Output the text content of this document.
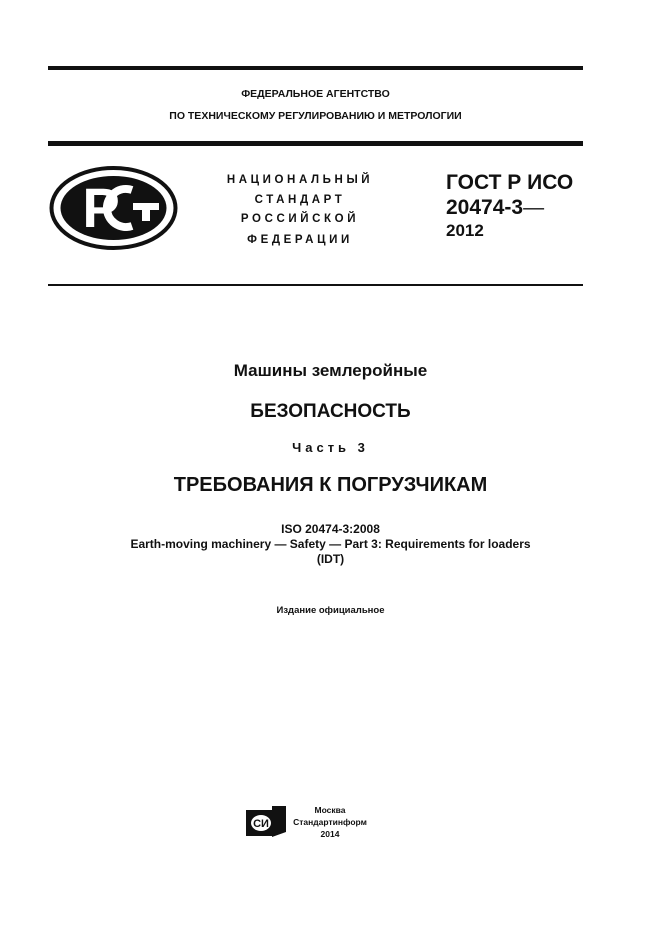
ФЕДЕРАЛЬНОЕ АГЕНТСТВО
ПО ТЕХНИЧЕСКОМУ РЕГУЛИРОВАНИЮ И МЕТРОЛОГИИ
Р	НАЦИОНАЛЬНЫЙ
СТАНДАРТ
РОССИЙСКОЙ
ФЕДЕРАЦИИ
ГОСТ Р ИСО
20474-3—
2012
Машины землеройные
БЕЗОПАСНОСТЬ
Часть 3
ТРЕБОВАНИЯ К ПОГРУЗЧИКАМ
ISO 20474-3:2008
Earth-moving machinery — Safety — Part 3: Requirements for loaders
(IDT)
Издание официальное
СИ
Москва
Стандартинформ
2014
